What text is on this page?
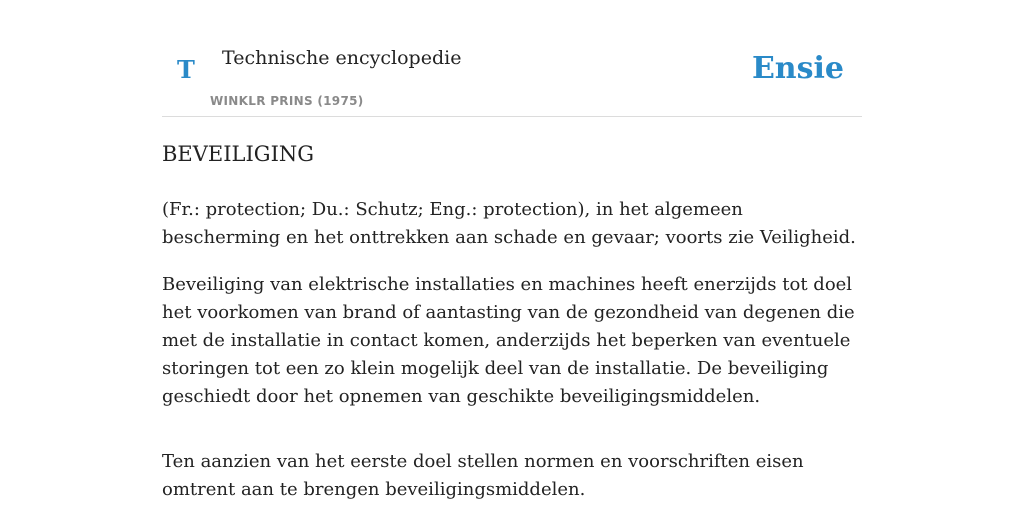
T Technische encyclopedie
WINKLR PRINS (1975)
Ensie
BEVEILIGING

(Fr.: protection; Du.: Schutz; Eng.: protection), in het algemeen bescherming en het onttrekken aan schade en gevaar; voorts zie Veiligheid.

Beveiliging van elektrische installaties en machines heeft enerzijds tot doel het voorkomen van brand of aantasting van de gezondheid van degenen die met de installatie in contact komen, anderzijds het beperken van eventuele storingen tot een zo klein mogelijk deel van de installatie. De beveiliging geschiedt door het opnemen van geschikte beveiligingsmiddelen.

Ten aanzien van het eerste doel stellen normen en voorschriften eisen omtrent aan te brengen beveiligingsmiddelen.
